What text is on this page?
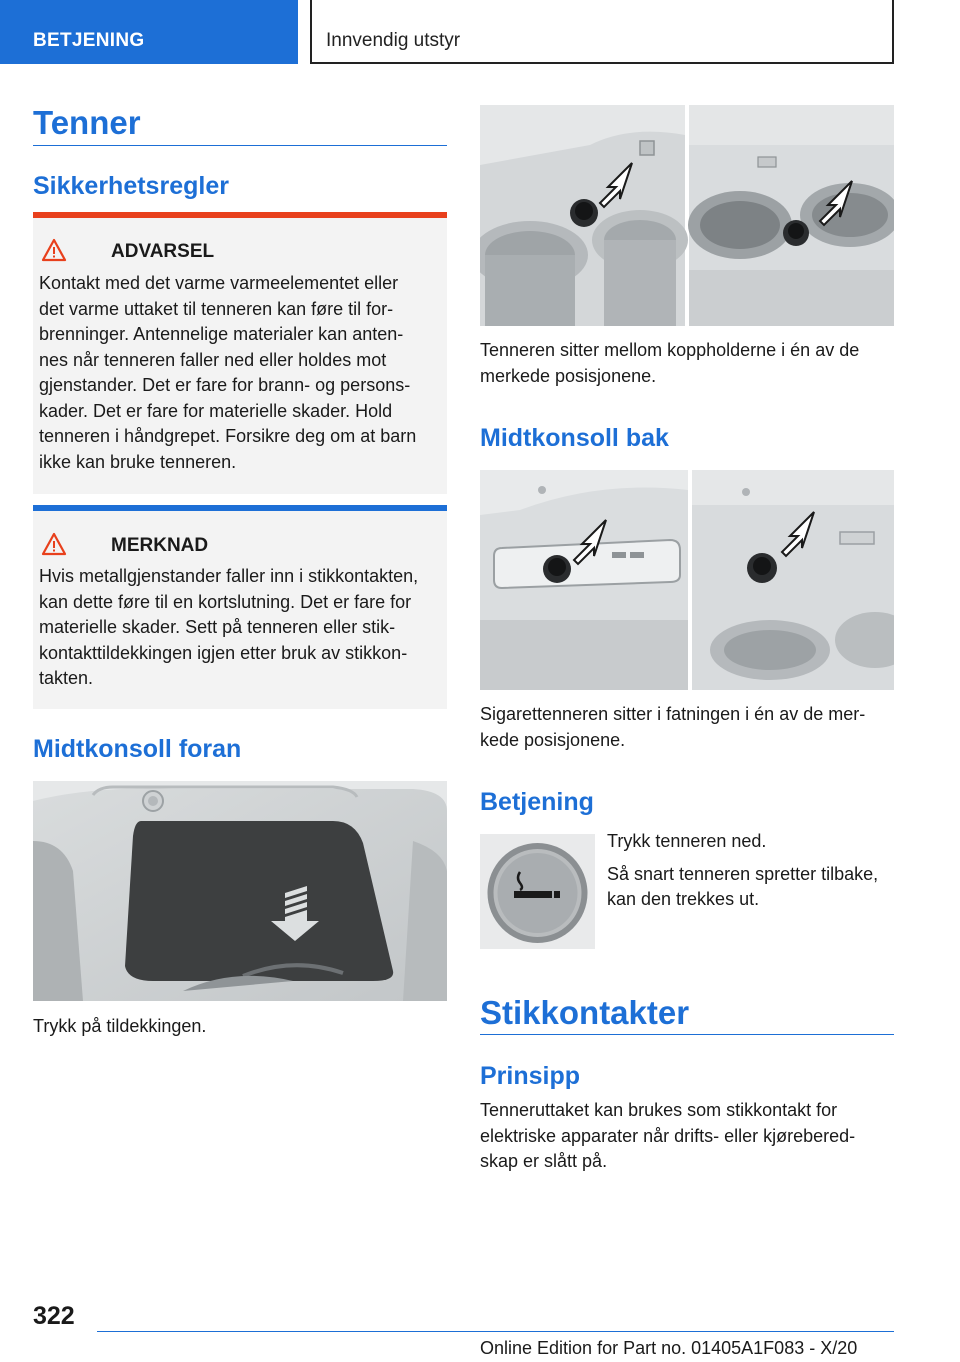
BETJENING	Innvendig utstyr
Tenner
Sikkerhetsregler
ADVARSEL
Kontakt med det varme varmeelementet eller
det varme uttaket til tenneren kan føre til for-
brenninger. Antennelige materialer kan anten-
nes når tenneren faller ned eller holdes mot
gjenstander. Det er fare for brann- og persons-
kader. Det er fare for materielle skader. Hold
tenneren i håndgrepet. Forsikre deg om at barn
ikke kan bruke tenneren.
MERKNAD
Hvis metallgjenstander faller inn i stikkontakten,
kan dette føre til en kortslutning. Det er fare for
materielle skader. Sett på tenneren eller stik-
kontakttildekkingen igjen etter bruk av stikkon-
takten.
Midtkonsoll foran
Trykk på tildekkingen.
Tenneren sitter mellom koppholderne i én av de
merkede posisjonene.
Midtkonsoll bak
Sigarettenneren sitter i fatningen i én av de mer-
kede posisjonene.
Betjening
Trykk tenneren ned.
Så snart tenneren spretter tilbake,
kan den trekkes ut.
Stikkontakter
Prinsipp
Tenneruttaket kan brukes som stikkontakt for
elektriske apparater når drifts- eller kjørebered-
skap er slått på.
322
Online Edition for Part no. 01405A1F083 - X/20
